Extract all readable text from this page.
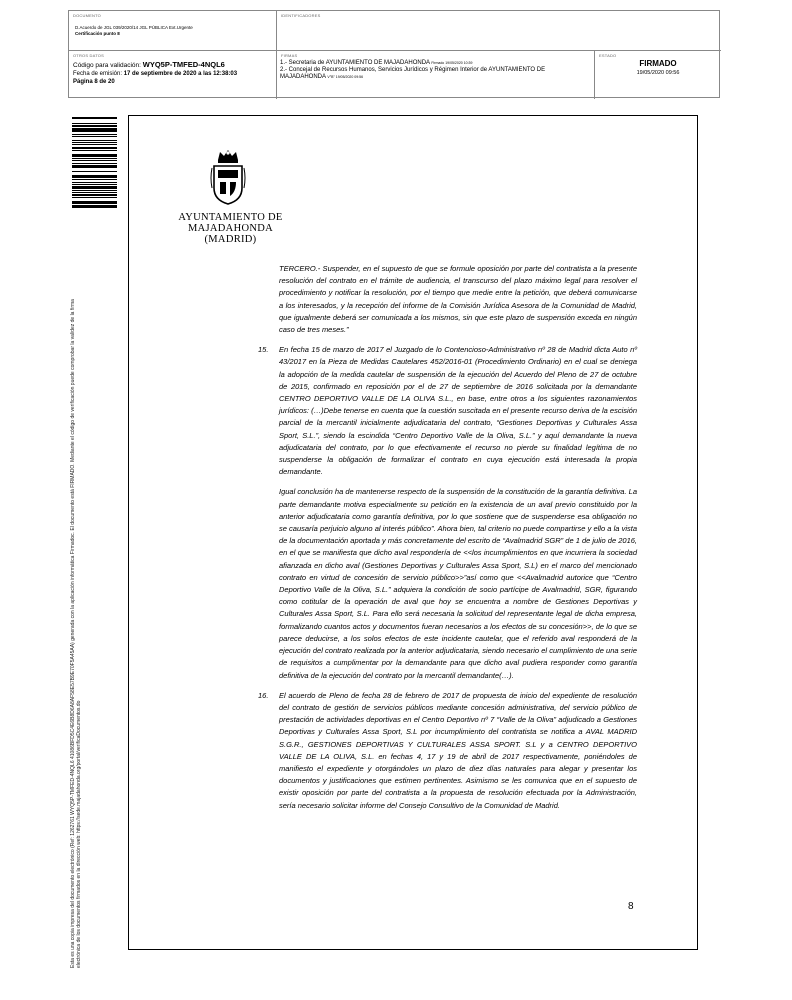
DOCUMENTO
D.Acuerdo de JGL 039/2020/14 JGL PÚBLICA Ext.Urgente
Certificación punto 8
IDENTIFICADORES
OTROS DATOS
Código para validación: WYQ5P-TMFED-4NQL6
Fecha de emisión: 17 de septiembre de 2020 a las 12:38:03
Página 8 de 20
FIRMAS
1.- Secretaria de AYUNTAMIENTO DE MAJADAHONDA Firmado 19/05/2020 10:39
2.- Concejal de Recursos Humanos, Servicios Jurídicos y Régimen Interior de AYUNTAMIENTO DE MAJADAHONDA V°B° 19/05/2020 09:56
ESTADO
FIRMADO
19/05/2020 09:56
Esta es una copia impresa del documento electrónico (Ref: 1262761 WYQ5P-TMFED-4NQL6 41086BFD5C4E6B8D6A8AF58E57B9E70F5A45AA) generada con la aplicación informática Firmadoc. El documento está FIRMADO. Mediante el código de verificación puede comprobar la validez de la firma electrónica de los documentos firmados en la dirección web: https://sede.majadahonda.org/portal/verificaDocumentos.do
AYUNTAMIENTO DE
MAJADAHONDA
(MADRID)

TERCERO.- Suspender, en el supuesto de que se formule oposición por parte del contratista a la presente resolución del contrato en el trámite de audiencia, el transcurso del plazo máximo legal para resolver el procedimiento y notificar la resolución, por el tiempo que medie entre la petición, que deberá comunicarse a los interesados, y la recepción del informe de la Comisión Jurídica Asesora de la Comunidad de Madrid, que igualmente deberá ser comunicada a los mismos, sin que este plazo de suspensión exceda en ningún caso de tres meses.”

15.	En fecha 15 de marzo de 2017 el Juzgado de lo Contencioso-Administrativo nº 28 de Madrid dicta Auto nº 43/2017 en la Pieza de Medidas Cautelares 452/2016-01 (Procedimiento Ordinario) en el cual se deniega la adopción de la medida cautelar de suspensión de la ejecución del Acuerdo del Pleno de 27 de octubre de 2015, confirmado en reposición por el de 27 de septiembre de 2016 solicitada por la demandante CENTRO DEPORTIVO VALLE DE LA OLIVA S.L., en base, entre otros a los siguientes razonamientos jurídicos: (…)Debe tenerse en cuenta que la cuestión suscitada en el presente recurso deriva de la escisión parcial de la mercantil inicialmente adjudicataria del contrato, “Gestiones Deportivas y Culturales Assa Sport, S.L.”, siendo la escindida “Centro Deportivo Valle de la Oliva, S.L.” y aquí demandante la nueva adjudicataria del contrato, por lo que efectivamente el recurso no pierde su finalidad legítima de no suspenderse la obligación de formalizar el contrato en cuya ejecución está interesada la propia demandante.

Igual conclusión ha de mantenerse respecto de la suspensión de la constitución de la garantía definitiva. La parte demandante motiva especialmente su petición en la existencia de un aval previo constituido por la anterior adjudicataria como garantía definitiva, por lo que sostiene que de suspenderse esa obligación no se causaría perjuicio alguno al interés público”. Ahora bien, tal criterio no puede compartirse y ello a la vista de la documentación aportada y más concretamente del escrito de “Avalmadrid SGR” de 1 de julio de 2016, en el que se manifiesta que dicho aval respondería de <<los incumplimientos en que incurriera la sociedad afianzada en dicho aval (Gestiones Deportivas y Culturales Assa Sport, S.L) en el marco del mencionado contrato en virtud de concesión de servicio público>>”así como que <<Avalmadrid autorice que “Centro Deportivo Valle de la Oliva, S.L.” adquiera la condición de socio partícipe de Avalmadrid, SGR, figurando como cotitular de la operación de aval que hoy se encuentra a nombre de Gestiones Deportivas y Culturales Assa Sport, S.L. Para ello será necesaria la solicitud del representante legal de dicha empresa, formalizando cuantos actos y documentos fueran necesarios a los efectos de su concesión>>, de lo que se parece deducirse, a los solos efectos de este incidente cautelar, que el referido aval responderá de la ejecución del contrato realizada por la anterior adjudicataria, siendo necesario el cumplimiento de una serie de requisitos a cumplimentar por la demandante para que dicho aval pudiera responder como garantía definitiva de la ejecución del contrato por la mercantil demandante(…).

16.	El acuerdo de Pleno de fecha 28 de febrero de 2017 de propuesta de inicio del expediente de resolución del contrato de gestión de servicios públicos mediante concesión administrativa, del servicio público de prestación de actividades deportivas en el Centro Deportivo nº 7 “Valle de la Oliva” adjudicado a Gestiones Deportivas y Culturales Assa Sport, S.L por incumplimiento del contratista se notifica a AVAL MADRID S.G.R., GESTIONES DEPORTIVAS Y CULTURALES ASSA SPORT. S.L y a CENTRO DEPORTIVO VALLE DE LA OLIVA, S.L. en fechas 4, 17 y 19 de abril de 2017 respectivamente, poniéndoles de manifiesto el expediente y otorgándoles un plazo de diez días naturales para alegar y presentar los documentos y justificaciones que estimen pertinentes. Asimismo se les comunica que en el supuesto de existir oposición por parte del contratista a la propuesta de resolución efectuada por la Administración, sería necesario solicitar informe del Consejo Consultivo de la Comunidad de Madrid.

8
